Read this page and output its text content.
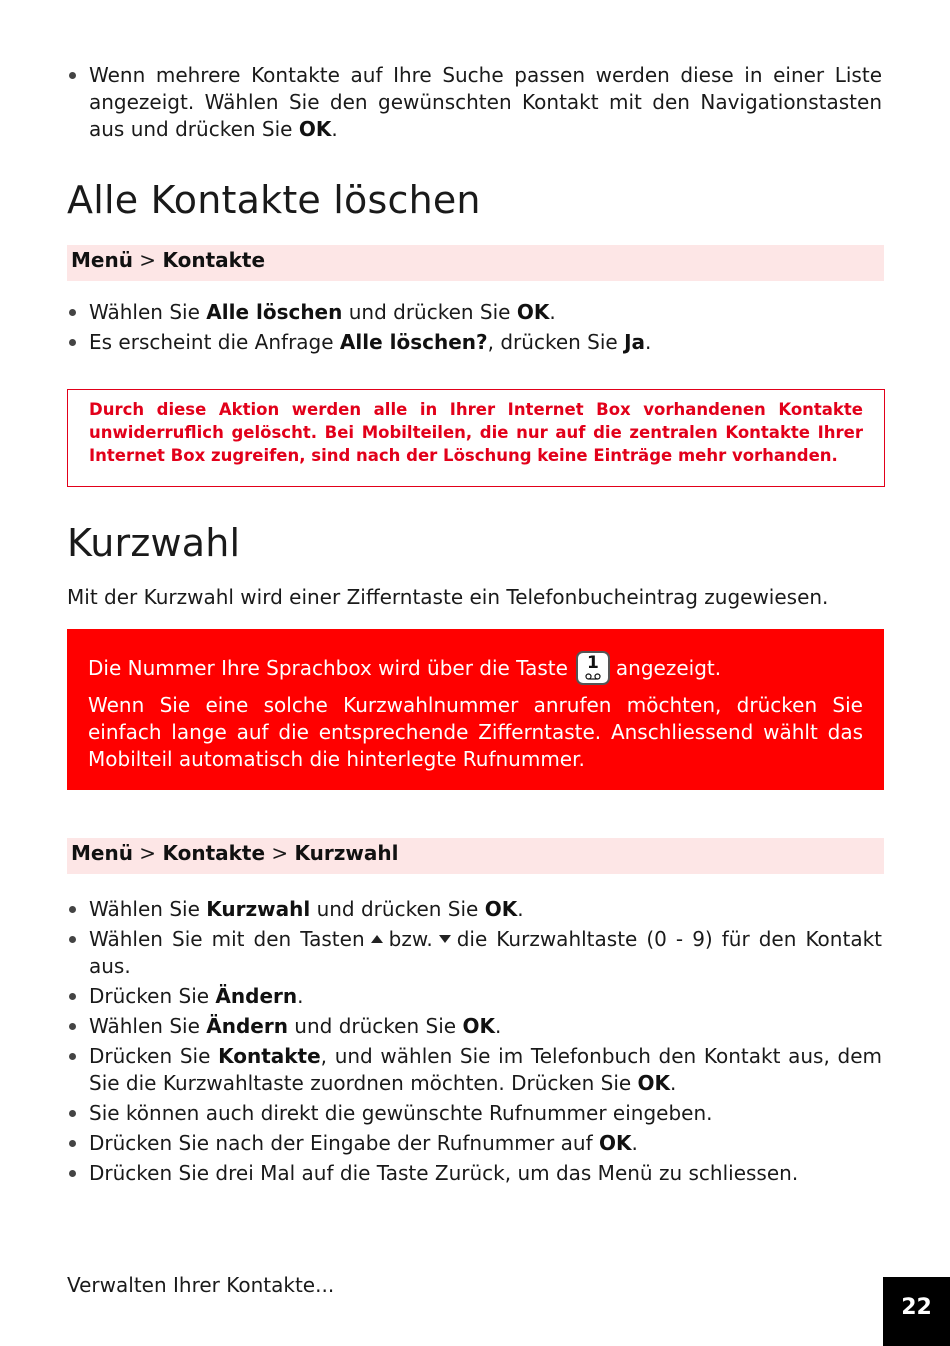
Wenn mehrere Kontakte auf Ihre Suche passen werden diese in einer Liste angezeigt. Wählen Sie den gewünschten Kontakt mit den Navigationstasten aus und drücken Sie OK.
Alle Kontakte löschen
Menü > Kontakte
Wählen Sie Alle löschen und drücken Sie OK.
Es erscheint die Anfrage Alle löschen?, drücken Sie Ja.
Durch diese Aktion werden alle in Ihrer Internet Box vorhandenen Kontakte unwiderruflich gelöscht. Bei Mobilteilen, die nur auf die zentralen Kontakte Ihrer Internet Box zugreifen, sind nach der Löschung keine Einträge mehr vorhanden.
Kurzwahl
Mit der Kurzwahl wird einer Zifferntaste ein Telefonbucheintrag zugewiesen.

Die Nummer Ihre Sprachbox wird über die Taste	1 angezeigt.

Wenn Sie eine solche Kurzwahlnummer anrufen möchten, drücken Sie einfach lange auf die entsprechende Zifferntaste. Anschliessend wählt das Mobilteil automatisch die hinterlegte Rufnummer.

Menü > Kontakte > Kurzwahl
Wählen Sie Kurzwahl und drücken Sie OK.
Wählen Sie mit den Tasten bzw. die Kurzwahltaste (0 - 9) für den Kontakt aus.
Drücken Sie Ändern.
Wählen Sie Ändern und drücken Sie OK.
Drücken Sie Kontakte, und wählen Sie im Telefonbuch den Kontakt aus, dem Sie die Kurzwahltaste zuordnen möchten. Drücken Sie OK.
Sie können auch direkt die gewünschte Rufnummer eingeben.
Drücken Sie nach der Eingabe der Rufnummer auf OK.
Drücken Sie drei Mal auf die Taste Zurück, um das Menü zu schliessen.
Verwalten Ihrer Kontakte...
22
